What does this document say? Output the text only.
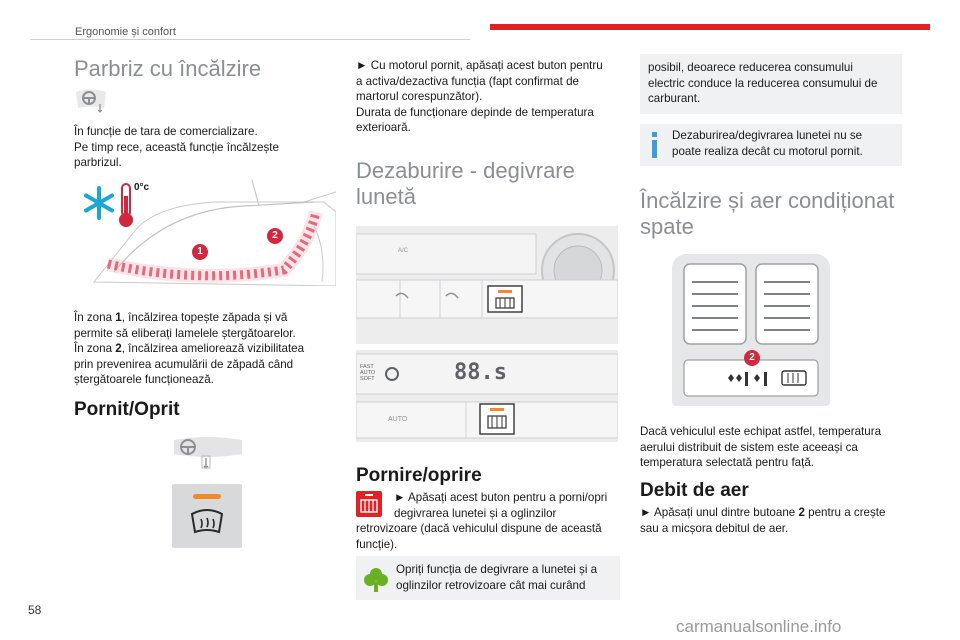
Ergonomie și confort
Parbriz cu încălzire
În funcție de tara de comercializare.
Pe timp rece, această funcție încălzește
parbrizul.
0°c
1
2
În zona 1, încălzirea topește zăpada și vă
permite să eliberați lamelele ștergătoarelor.
În zona 2, încălzirea ameliorează vizibilitatea
prin prevenirea acumulării de zăpadă când
ștergătoarele funcționează.
Pornit/Oprit
► Cu motorul pornit, apăsați acest buton pentru
a activa/dezactiva funcția (fapt confirmat de
martorul corespunzător).
Durata de funcționare depinde de temperatura
exterioară.
Dezaburire - degivrare
lunetă
A/C
FAST
AUTO
SOFT	88.s
AUTO
Pornire/oprire
► Apăsați acest buton pentru a porni/opri
degivrarea lunetei și a oglinzilor
retrovizoare (dacă vehiculul dispune de această
funcție).
Opriți funcția de degivrare a lunetei și a
oglinzilor retrovizoare cât mai curând
posibil, deoarece reducerea consumului
electric conduce la reducerea consumului de
carburant.
Dezaburirea/degivrarea lunetei nu se
poate realiza decât cu motorul pornit.
Încălzire și aer condiționat
spate
2
Dacă vehiculul este echipat astfel, temperatura
aerului distribuit de sistem este aceeași ca
temperatura selectată pentru față.
Debit de aer
► Apăsați unul dintre butoane 2 pentru a crește
sau a micșora debitul de aer.
58
carmanualsonline.info
